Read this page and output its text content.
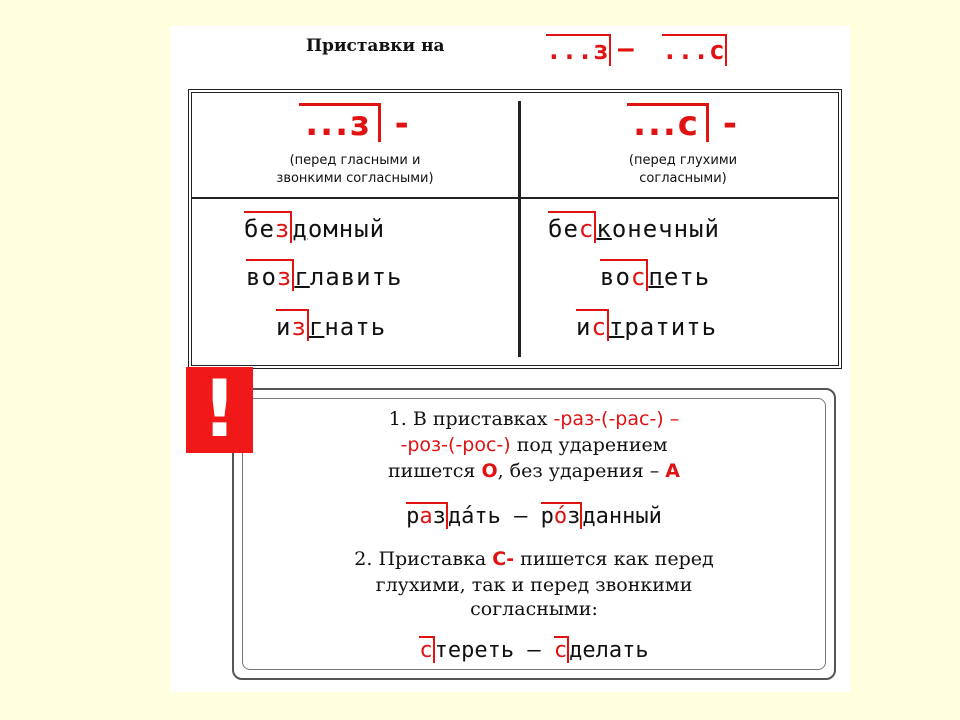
Приставки на	...з – ...с
...з -
(перед гласными и
звонкими согласными)
...с -
(перед глухими
согласными)
бездомный
возглавить
изгнать
бесконечный
воспеть
истратить
1. В приставках -раз-(-рас-) –
-роз-(-рос-) под ударением
пишется О, без ударения – А
разда́ть – ро́зданный
2. Приставка С- пишется как перед
глухими, так и перед звонкими
согласными:
стереть – сделать
!
